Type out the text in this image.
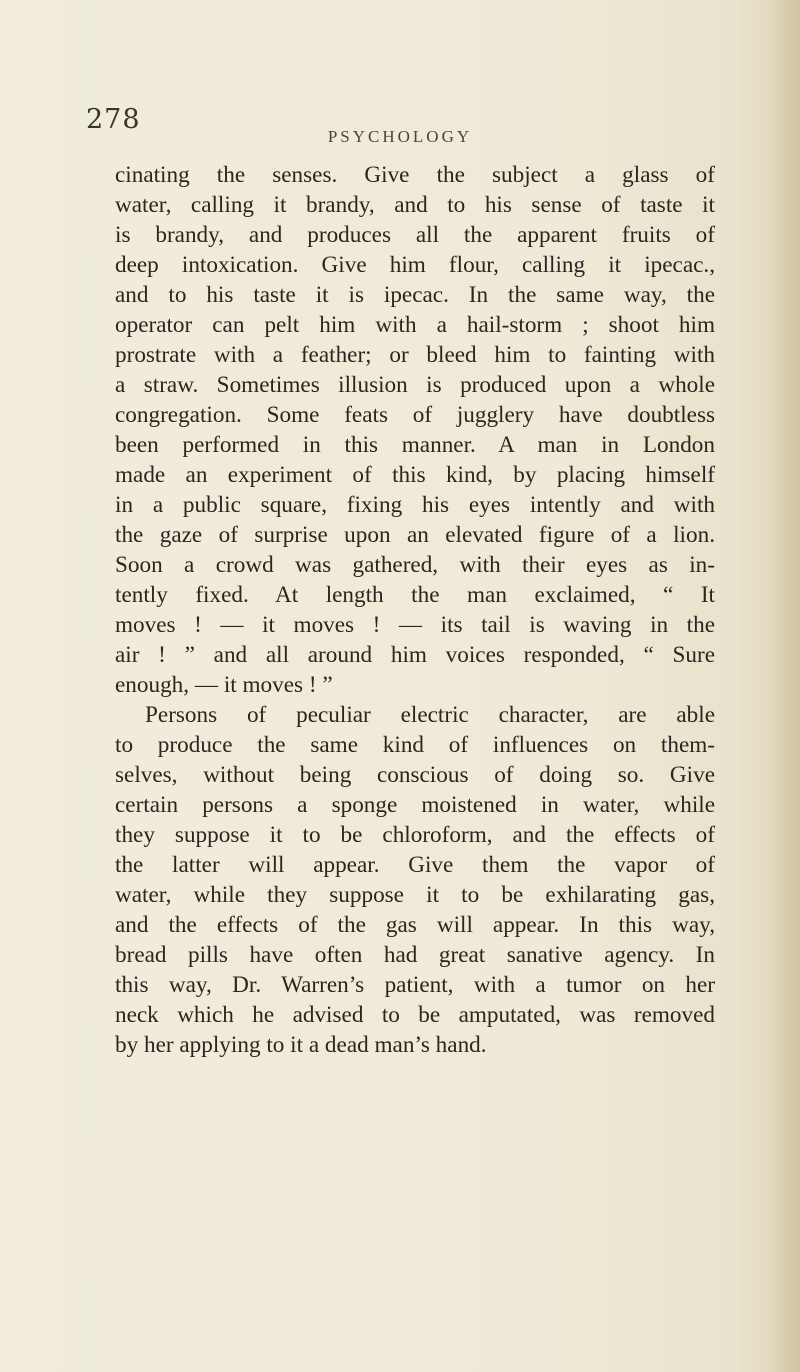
278
PSYCHOLOGY
cinating the senses. Give the subject a glass of
water, calling it brandy, and to his sense of taste it
is brandy, and produces all the apparent fruits of
deep intoxication. Give him flour, calling it ipecac.,
and to his taste it is ipecac. In the same way, the
operator can pelt him with a hail-storm ; shoot him
prostrate with a feather; or bleed him to fainting with
a straw. Sometimes illusion is produced upon a whole
congregation. Some feats of jugglery have doubtless
been performed in this manner. A man in London
made an experiment of this kind, by placing himself
in a public square, fixing his eyes intently and with
the gaze of surprise upon an elevated figure of a lion.
Soon a crowd was gathered, with their eyes as in-
tently fixed. At length the man exclaimed, “ It
moves ! — it moves ! — its tail is waving in the
air ! ” and all around him voices responded, “ Sure
enough, — it moves ! ”
Persons of peculiar electric character, are able
to produce the same kind of influences on them-
selves, without being conscious of doing so. Give
certain persons a sponge moistened in water, while
they suppose it to be chloroform, and the effects of
the latter will appear. Give them the vapor of
water, while they suppose it to be exhilarating gas,
and the effects of the gas will appear. In this way,
bread pills have often had great sanative agency. In
this way, Dr. Warren’s patient, with a tumor on her
neck which he advised to be amputated, was removed
by her applying to it a dead man’s hand.
